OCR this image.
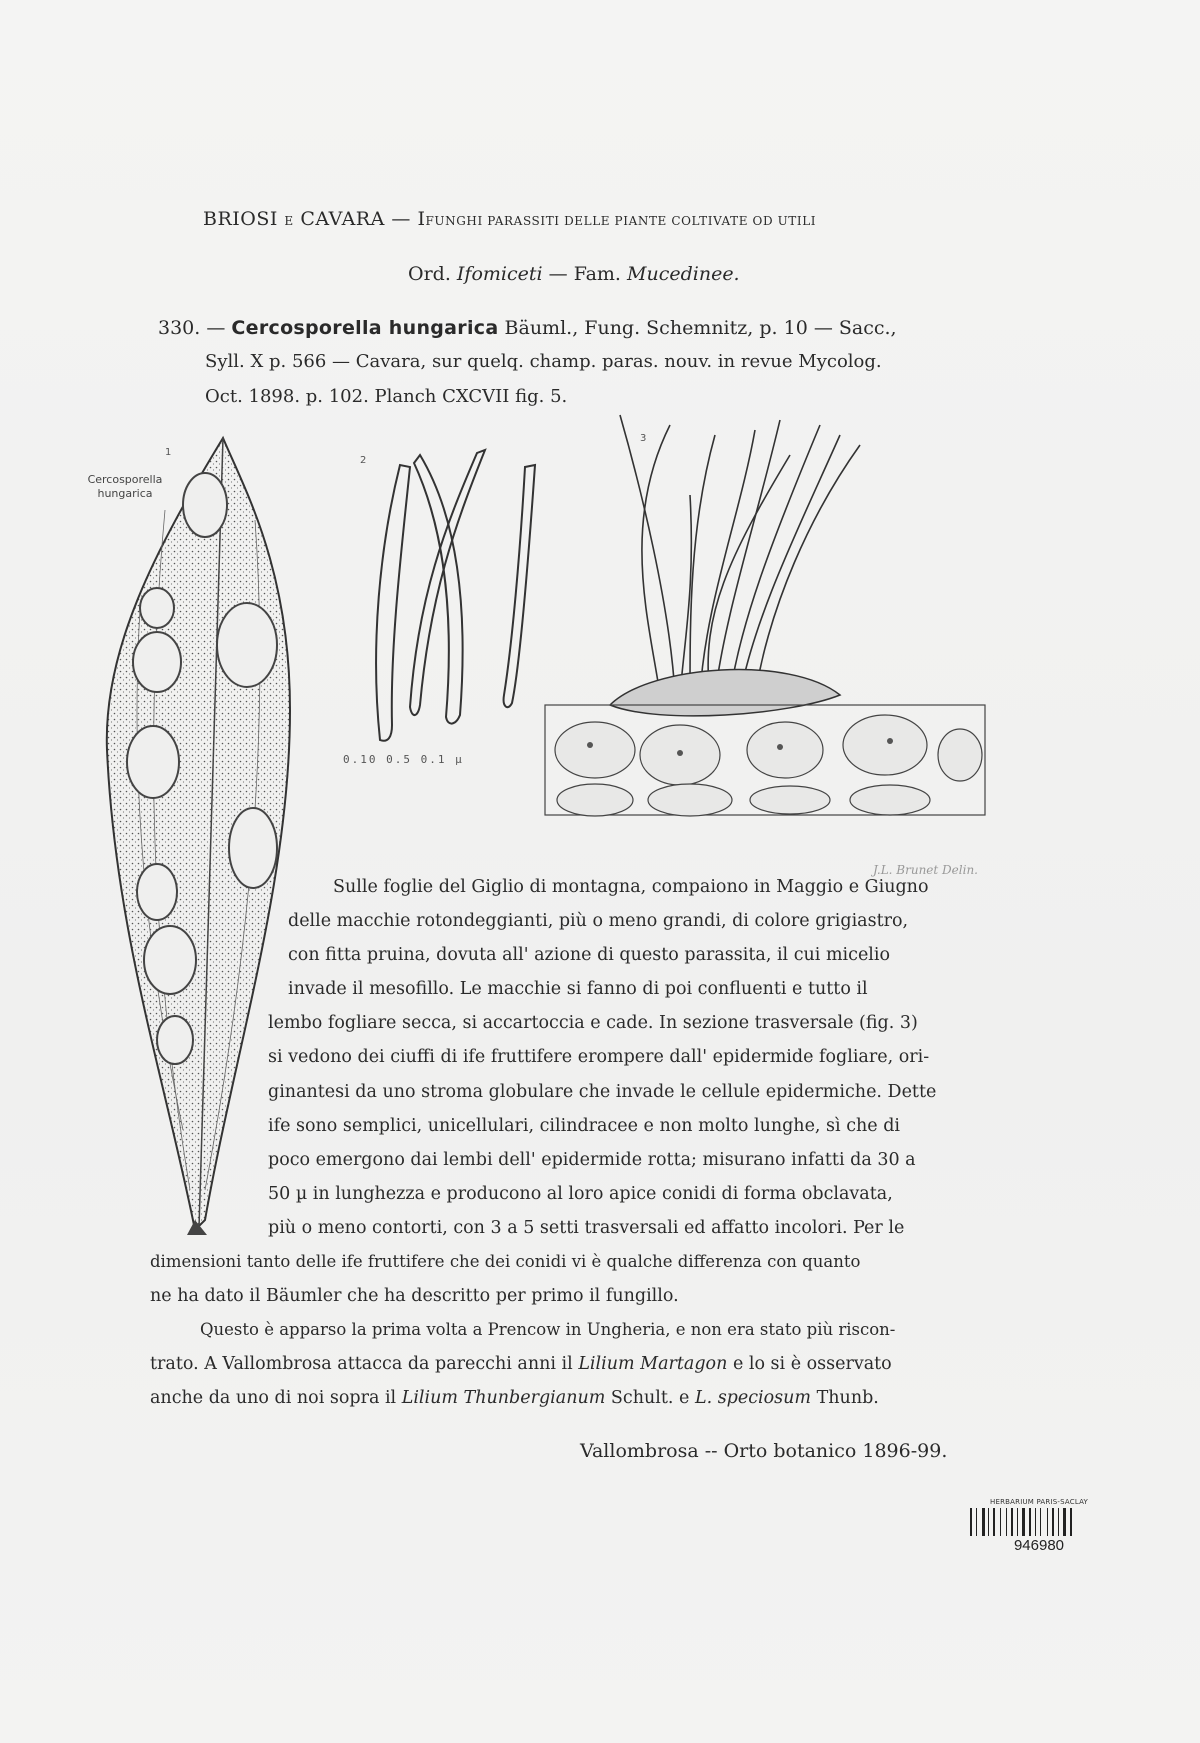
BRIOSI E CAVARA — IFUNGHI PARASSITI DELLE PIANTE COLTIVATE OD UTILI
Ord. Ifomiceti — Fam. Mucedinee.
330. — Cercosporella hungarica Bäuml., Fung. Schemnitz, p. 10 — Sacc.,
Syll. X p. 566 — Cavara, sur quelq. champ. paras. nouv. in revue Mycolog.
Oct. 1898. p. 102. Planch CXCVII fig. 5.
1
2
3
Cercosporella
hungarica
0.10 0.5 0.1 µ
J.L. Brunet Delin.
Sulle foglie del Giglio di montagna, compaiono in Maggio e Giugno
delle macchie rotondeggianti, più o meno grandi, di colore grigiastro,
con fitta pruina, dovuta all' azione di questo parassita, il cui micelio
invade il mesofillo. Le macchie si fanno di poi confluenti e tutto il
lembo fogliare secca, si accartoccia e cade. In sezione trasversale (fig. 3)
si vedono dei ciuffi di ife fruttifere erompere dall' epidermide fogliare, ori-
ginantesi da uno stroma globulare che invade le cellule epidermiche. Dette
ife sono semplici, unicellulari, cilindracee e non molto lunghe, sì che di
poco emergono dai lembi dell' epidermide rotta; misurano infatti da 30 a
50 µ in lunghezza e producono al loro apice conidi di forma obclavata,
più o meno contorti, con 3 a 5 setti trasversali ed affatto incolori. Per le
dimensioni tanto delle ife fruttifere che dei conidi vi è qualche differenza con quanto
ne ha dato il Bäumler che ha descritto per primo il fungillo.
Questo è apparso la prima volta a Prencow in Ungheria, e non era stato più riscon-
trato. A Vallombrosa attacca da parecchi anni il Lilium Martagon e lo si è osservato
anche da uno di noi sopra il Lilium Thunbergianum Schult. e L. speciosum Thunb.
Vallombrosa -- Orto botanico 1896-99.
HERBARIUM PARIS-SACLAY
946980
